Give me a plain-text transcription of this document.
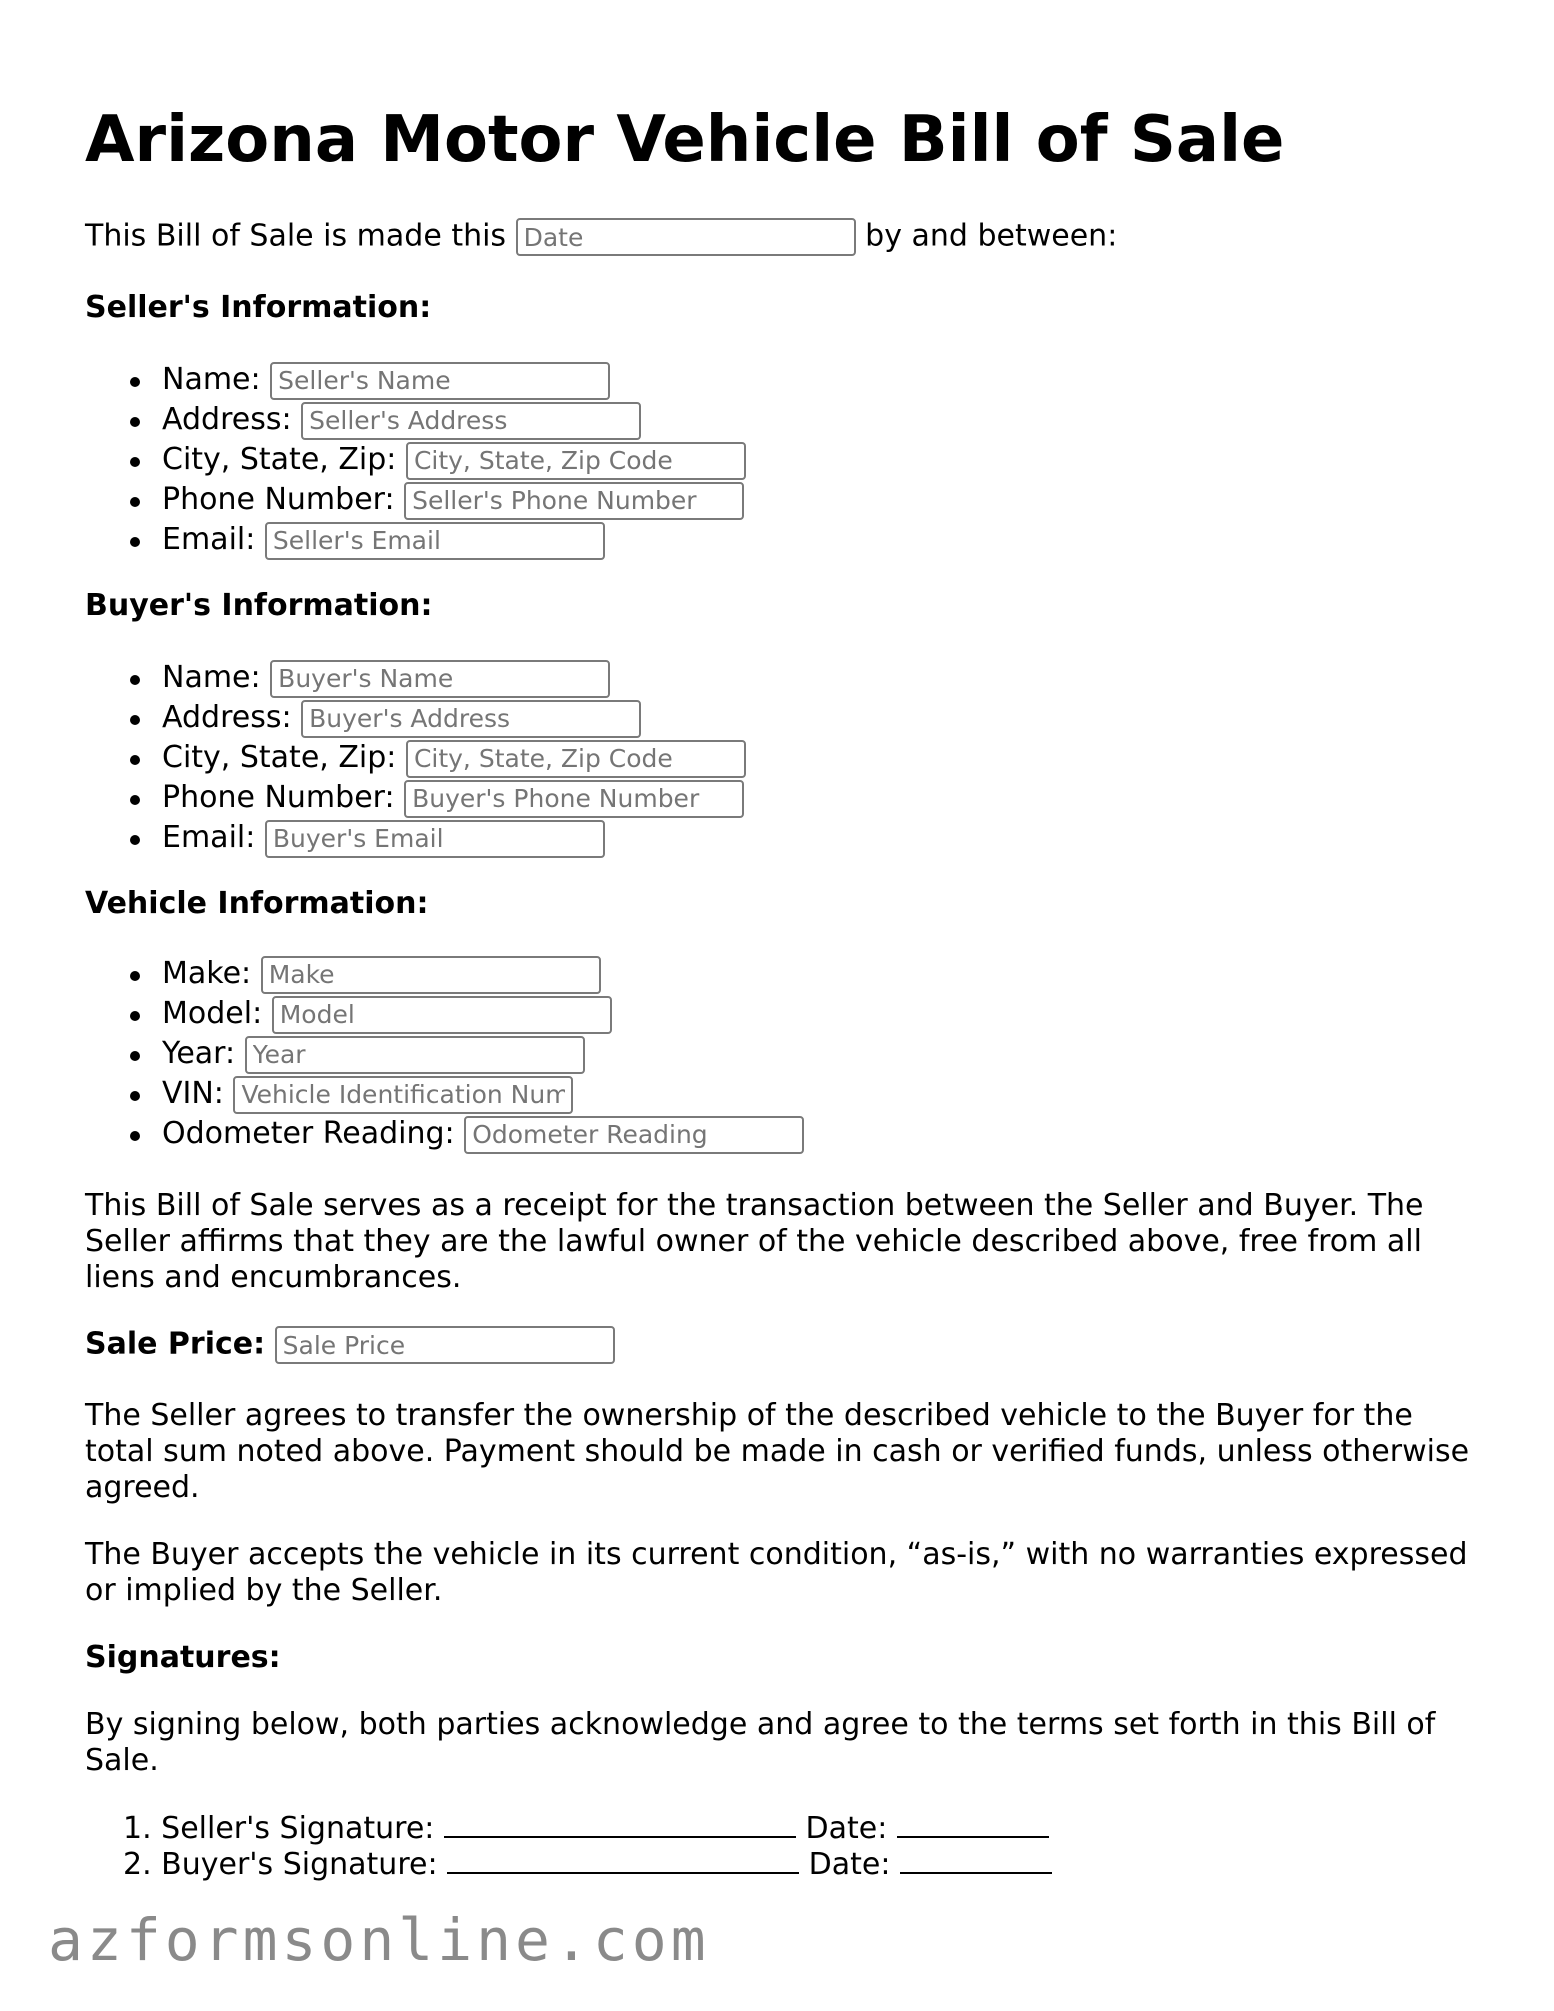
Arizona Motor Vehicle Bill of Sale
This Bill of Sale is made this Date	by and between:
Seller's Information:
Name: Seller's Name
Address: Seller's Address
City, State, Zip: City, State, Zip Code
Phone Number: Seller's Phone Number
Email: Seller's Email
Buyer's Information:
Name: Buyer's Name
Address: Buyer's Address
City, State, Zip: City, State, Zip Code
Phone Number: Buyer's Phone Number
Email: Buyer's Email
Vehicle Information:
Make: Make
Model: Model
Year: Year
VIN: Vehicle Identification Num
Odometer Reading: Odometer Reading
This Bill of Sale serves as a receipt for the transaction between the Seller and Buyer. The Seller affirms that they are the lawful owner of the vehicle described above, free from all liens and encumbrances.
Sale Price: Sale Price
The Seller agrees to transfer the ownership of the described vehicle to the Buyer for the total sum noted above. Payment should be made in cash or verified funds, unless otherwise agreed.
The Buyer accepts the vehicle in its current condition, “as-is,” with no warranties expressed or implied by the Seller.
Signatures:
By signing below, both parties acknowledge and agree to the terms set forth in this Bill of Sale.
1. Seller's Signature:	Date:
2. Buyer's Signature:	Date:
azformsonline.com
